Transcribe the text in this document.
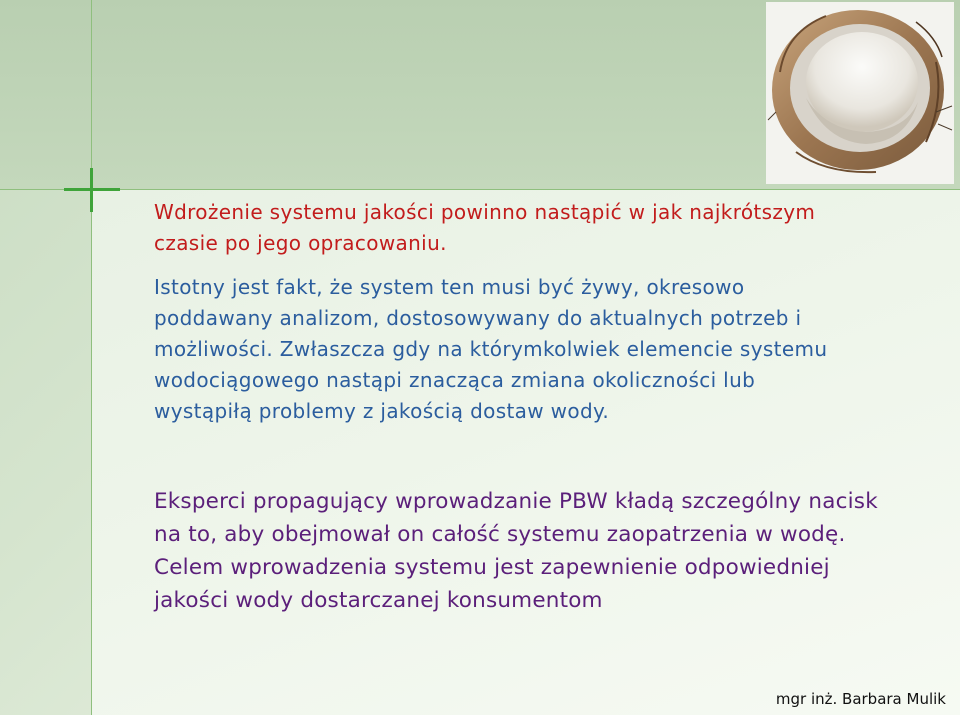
Wdrożenie systemu jakości powinno nastąpić w jak najkrótszym
czasie po jego opracowaniu.
Istotny jest fakt, że system ten musi być żywy, okresowo
poddawany analizom, dostosowywany do aktualnych potrzeb i
możliwości. Zwłaszcza gdy na którymkolwiek elemencie systemu
wodociągowego nastąpi znacząca zmiana okoliczności lub
wystąpiłą problemy z jakością dostaw wody.
Eksperci propagujący wprowadzanie PBW kładą szczególny nacisk
na to, aby obejmował on całość systemu zaopatrzenia w wodę.
Celem wprowadzenia systemu jest zapewnienie odpowiedniej
jakości wody dostarczanej konsumentom
mgr inż. Barbara Mulik
